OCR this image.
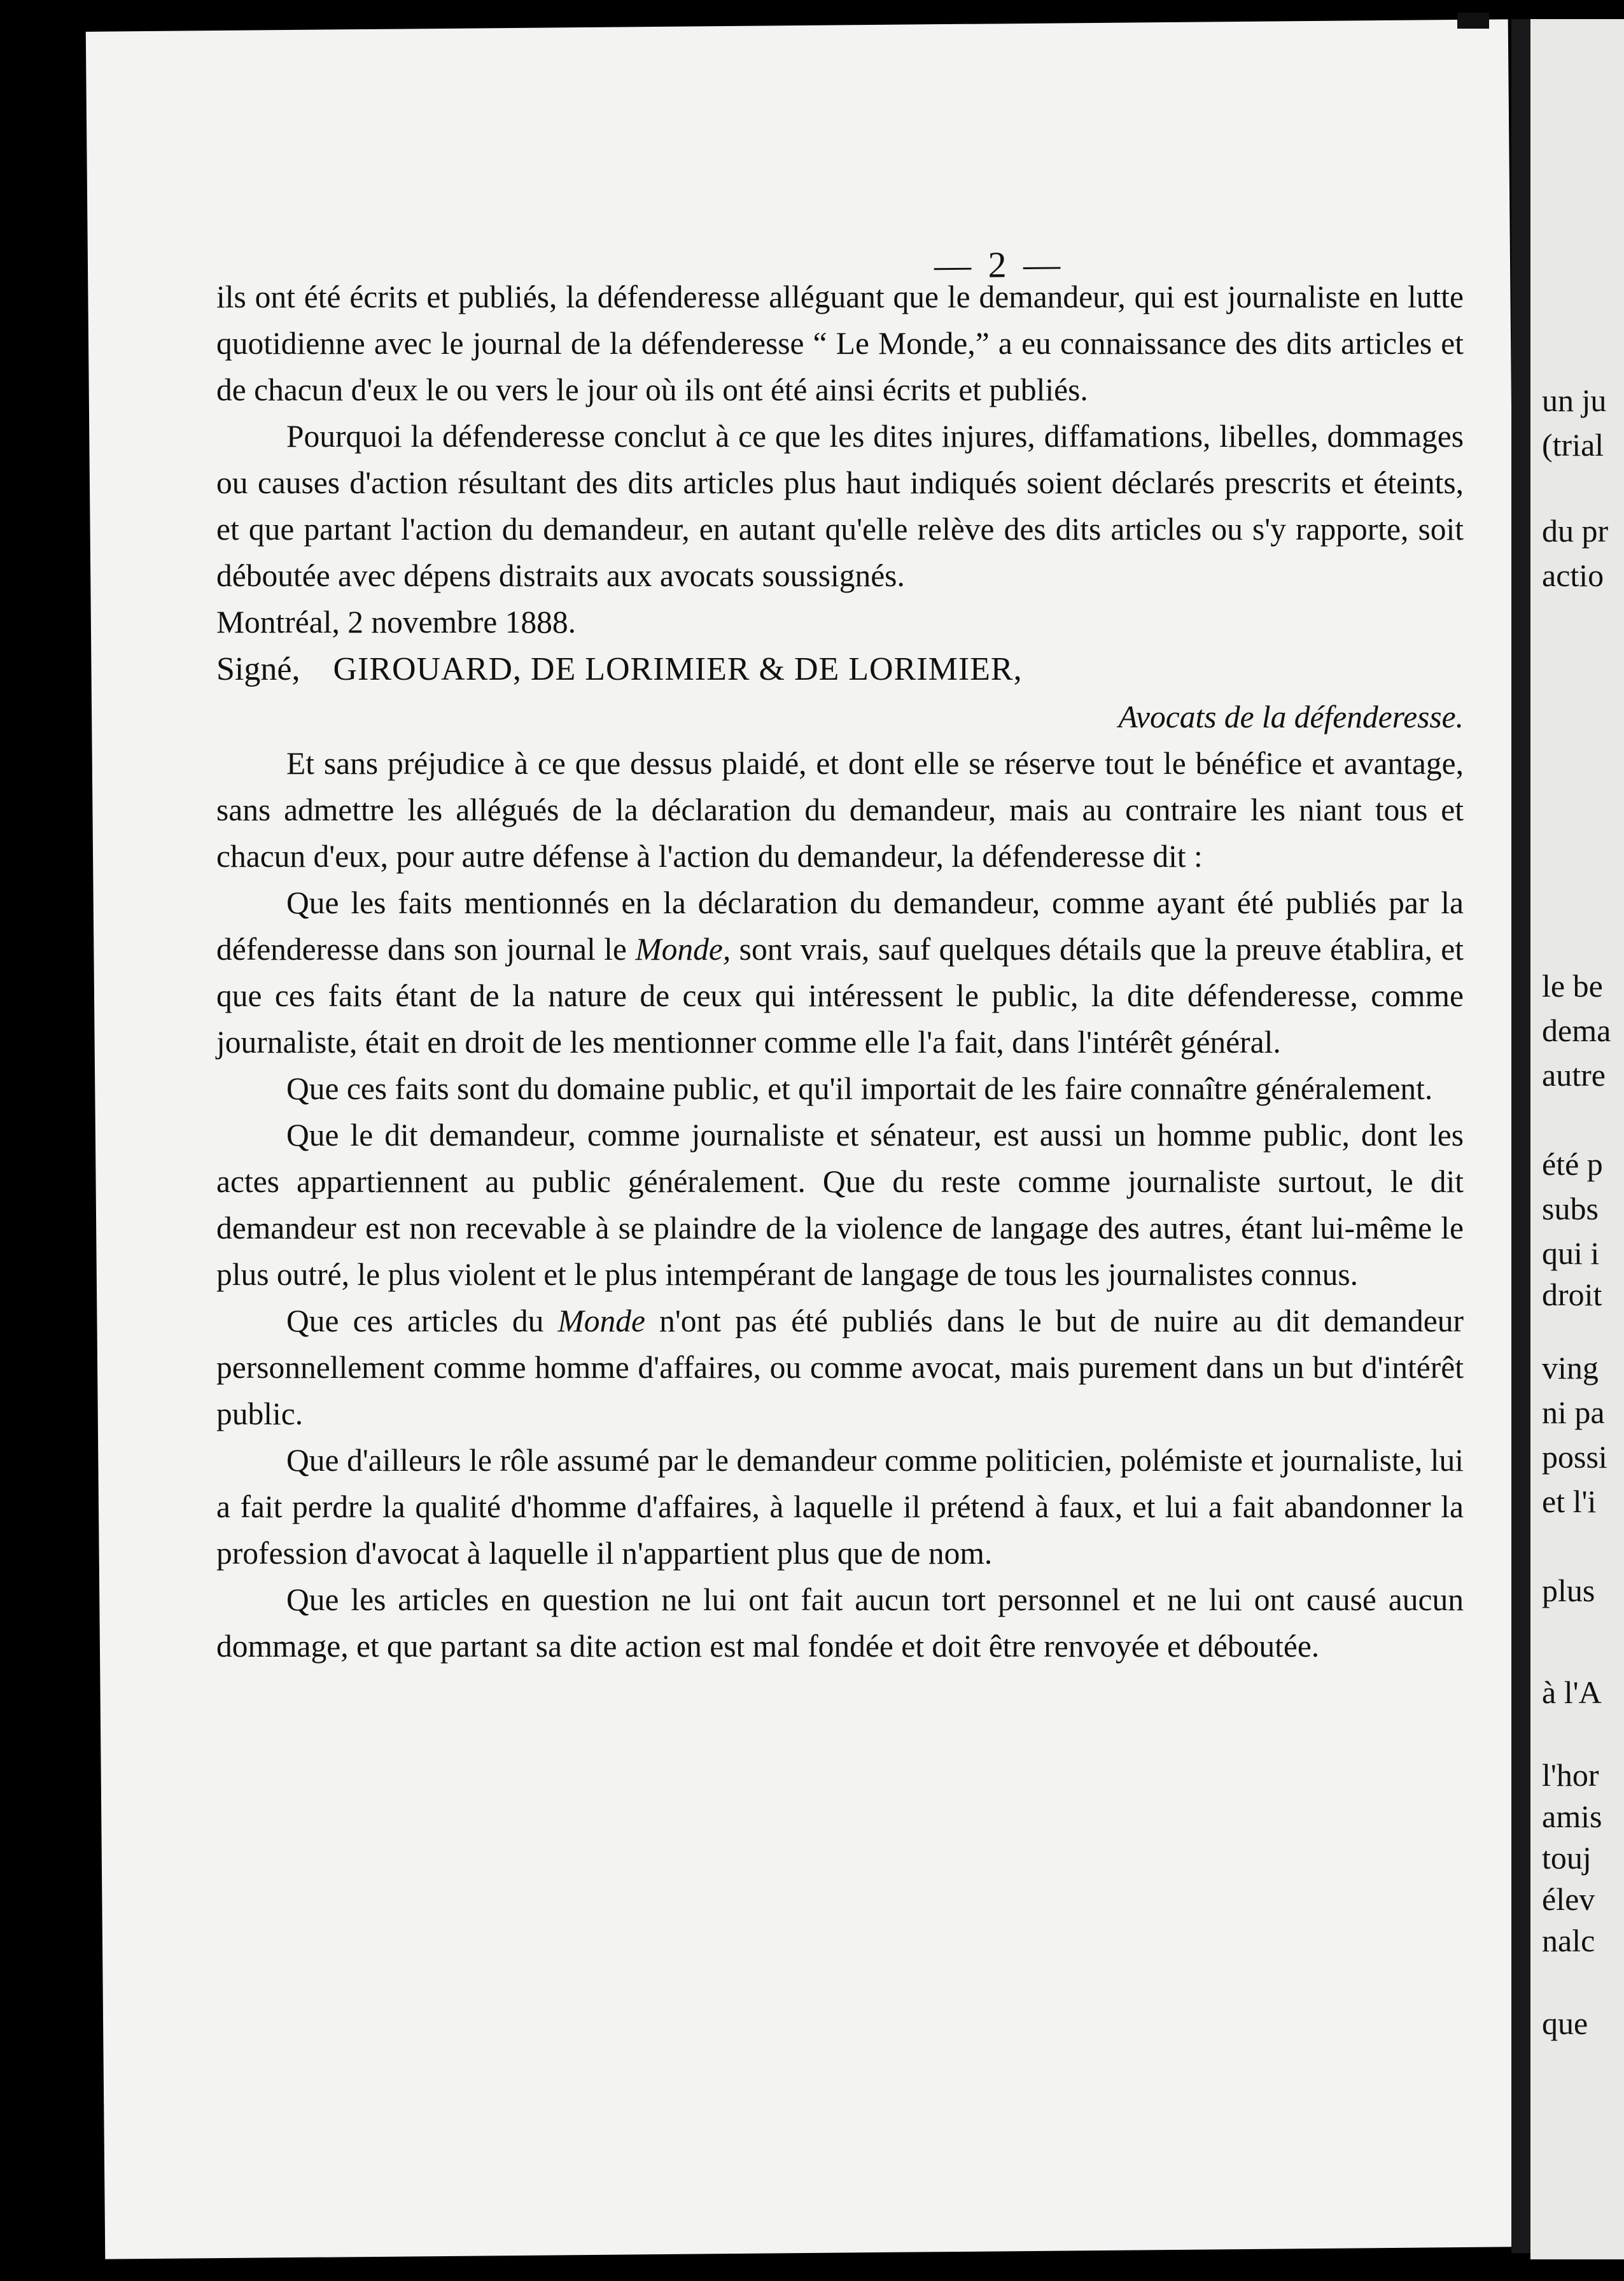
— 2 —

ils ont été écrits et publiés, la défenderesse alléguant que le demandeur, qui est journaliste en lutte quotidienne avec le journal de la défenderesse “ Le Monde,” a eu connaissance des dits articles et de chacun d'eux le ou vers le jour où ils ont été ainsi écrits et publiés.

Pourquoi la défenderesse conclut à ce que les dites injures, diffamations, libelles, dommages ou causes d'action résultant des dits articles plus haut indiqués soient déclarés prescrits et éteints, et que partant l'action du demandeur, en autant qu'elle relève des dits articles ou s'y rapporte, soit déboutée avec dépens distraits aux avocats soussignés.

Montréal, 2 novembre 1888.

Signé, GIROUARD, DE LORIMIER & DE LORIMIER,

Avocats de la défenderesse.

Et sans préjudice à ce que dessus plaidé, et dont elle se réserve tout le bénéfice et avantage, sans admettre les allégués de la déclaration du demandeur, mais au contraire les niant tous et chacun d'eux, pour autre défense à l'action du demandeur, la défenderesse dit :

Que les faits mentionnés en la déclaration du demandeur, comme ayant été publiés par la défenderesse dans son journal le Monde, sont vrais, sauf quelques détails que la preuve établira, et que ces faits étant de la nature de ceux qui intéressent le public, la dite défenderesse, comme journaliste, était en droit de les mentionner comme elle l'a fait, dans l'intérêt général.

Que ces faits sont du domaine public, et qu'il importait de les faire connaître généralement.

Que le dit demandeur, comme journaliste et sénateur, est aussi un homme public, dont les actes appartiennent au public généralement. Que du reste comme journaliste surtout, le dit demandeur est non recevable à se plaindre de la violence de langage des autres, étant lui-même le plus outré, le plus violent et le plus intempérant de langage de tous les journalistes connus.

Que ces articles du Monde n'ont pas été publiés dans le but de nuire au dit demandeur personnellement comme homme d'affaires, ou comme avocat, mais purement dans un but d'intérêt public.

Que d'ailleurs le rôle assumé par le demandeur comme politicien, polémiste et journaliste, lui a fait perdre la qualité d'homme d'affaires, à laquelle il prétend à faux, et lui a fait abandonner la profession d'avocat à laquelle il n'appartient plus que de nom.

Que les articles en question ne lui ont fait aucun tort personnel et ne lui ont causé aucun dommage, et que partant sa dite action est mal fondée et doit être renvoyée et déboutée.

un ju
(trial
du pr
actio
le be
dema
autre
été p
subs
qui i
droit
ving
ni pa
possi
et l'i
plus
à l'A
l'hor
amis
touj
élev
nalc
que
